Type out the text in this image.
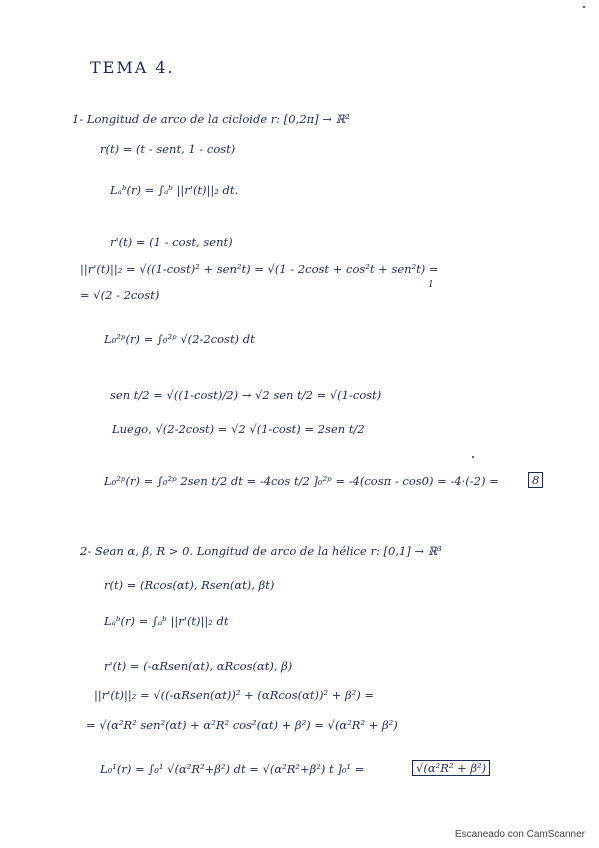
TEMA 4.
1- Longitud de arco de la cicloide r: [0,2π] → ℝ²
r(t) = (t - sent, 1 - cost)
Lₐᵇ(r) = ∫ₐᵇ ||r'(t)||₂ dt.
r'(t) = (1 - cost, sent)
||r'(t)||₂ = √((1-cost)² + sen²t) = √(1 - 2cost + cos²t + sen²t) =
1
= √(2 - 2cost)
L₀²ᵖ(r) = ∫₀²ᵖ √(2-2cost) dt
sen t/2 = √((1-cost)/2) → √2 sen t/2 = √(1-cost)
Luego, √(2-2cost) = √2 √(1-cost) = 2sen t/2
L₀²ᵖ(r) = ∫₀²ᵖ 2sen t/2 dt = -4cos t/2 ]₀²ᵖ = -4(cosπ - cos0) = -4·(-2) =	8
2- Sean α, β, R > 0. Longitud de arco de la hélice r: [0,1] → ℝ³
r(t) = (Rcos(αt), Rsen(αt), βt)
Lₐᵇ(r) = ∫ₐᵇ ||r'(t)||₂ dt
r'(t) = (-αRsen(αt), αRcos(αt), β)
||r'(t)||₂ = √((-αRsen(αt))² + (αRcos(αt))² + β²) =
= √(α²R² sen²(αt) + α²R² cos²(αt) + β²) = √(α²R² + β²)
L₀¹(r) = ∫₀¹ √(α²R²+β²) dt = √(α²R²+β²) t ]₀¹ =	√(α²R² + β²)
Escaneado con CamScanner
